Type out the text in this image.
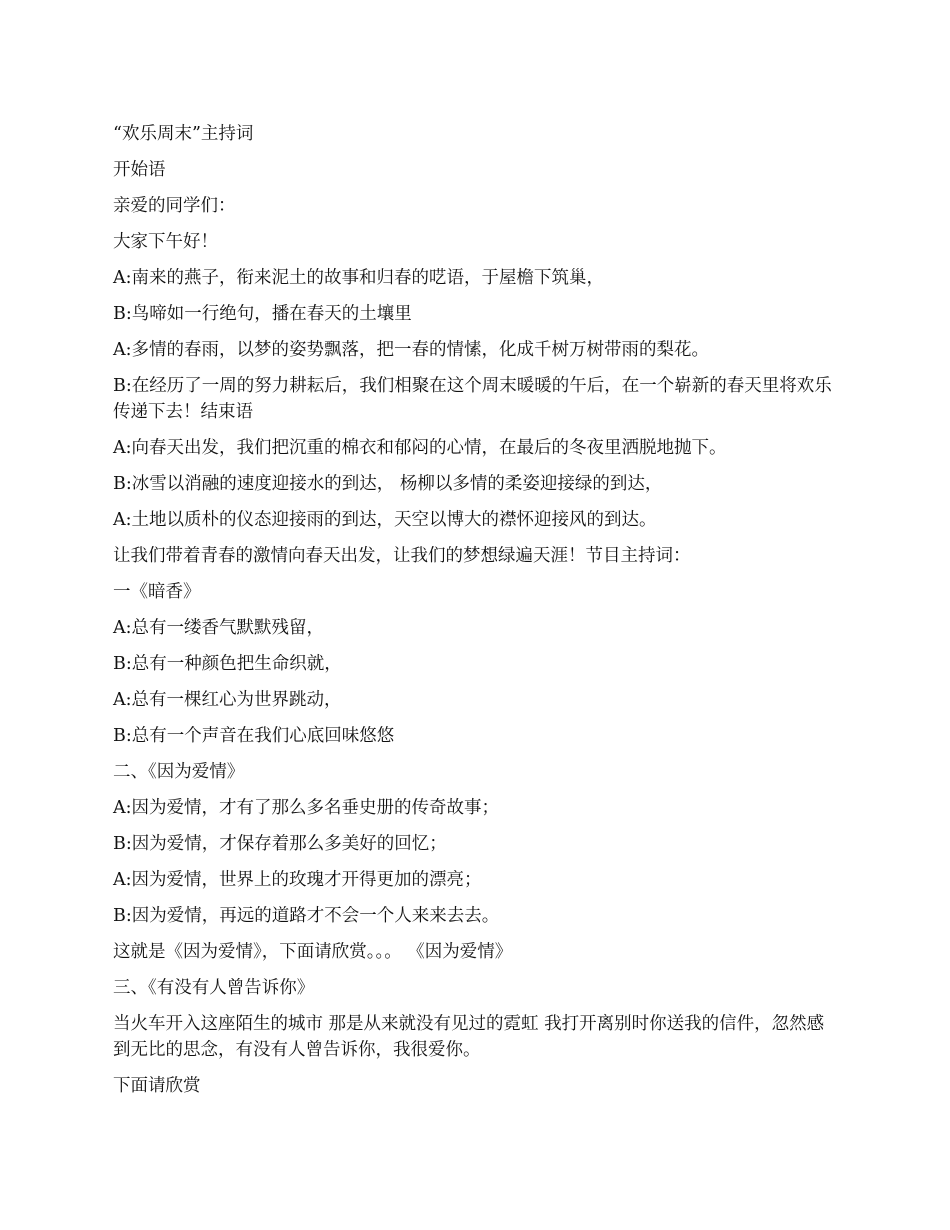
“欢乐周末”主持词

开始语

亲爱的同学们：

大家下午好！

A:南来的燕子，衔来泥土的故事和归春的呓语，于屋檐下筑巢，

B:鸟啼如一行绝句，播在春天的土壤里

A:多情的春雨，以梦的姿势飘落，把一春的情愫，化成千树万树带雨的梨花。

B:在经历了一周的努力耕耘后，我们相聚在这个周末暖暖的午后，在一个崭新的春天里将欢乐传递下去！结束语

A:向春天出发，我们把沉重的棉衣和郁闷的心情，在最后的冬夜里洒脱地抛下。

B:冰雪以消融的速度迎接水的到达， 杨柳以多情的柔姿迎接绿的到达，

A:土地以质朴的仪态迎接雨的到达，天空以博大的襟怀迎接风的到达。

让我们带着青春的激情向春天出发，让我们的梦想绿遍天涯！节目主持词：

一《暗香》

A:总有一缕香气默默残留，

B:总有一种颜色把生命织就，

A:总有一棵红心为世界跳动，

B:总有一个声音在我们心底回味悠悠

二、《因为爱情》

A:因为爱情，才有了那么多名垂史册的传奇故事；

B:因为爱情，才保存着那么多美好的回忆；

A:因为爱情，世界上的玫瑰才开得更加的漂亮；

B:因为爱情，再远的道路才不会一个人来来去去。

这就是《因为爱情》，下面请欣赏。。。 《因为爱情》

三、《有没有人曾告诉你》

当火车开入这座陌生的城市 那是从来就没有见过的霓虹 我打开离别时你送我的信件，忽然感到无比的思念，有没有人曾告诉你，我很爱你。

下面请欣赏
